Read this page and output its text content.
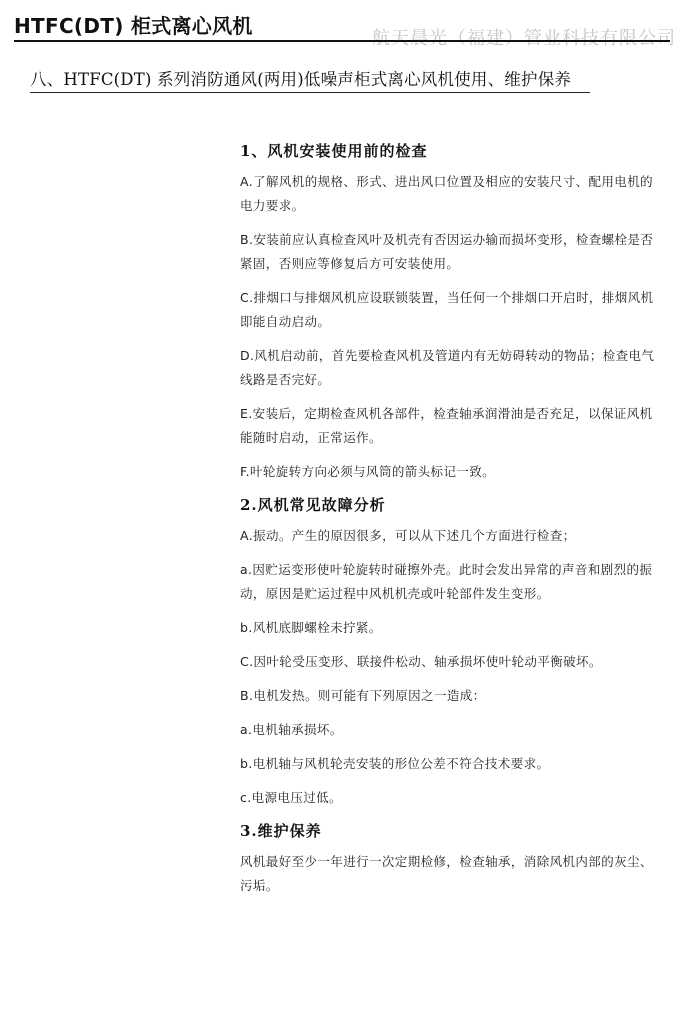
HTFC(DT) 柜式离心风机
航天晨光（福建）管业科技有限公司
八、HTFC(DT) 系列消防通风(两用)低噪声柜式离心风机使用、维护保养
1、风机安装使用前的检查

A.了解风机的规格、形式、进出风口位置及相应的安装尺寸、配用电机的电力要求。

B.安装前应认真检查风叶及机壳有否因运办输而损坏变形，检查螺栓是否紧固，否则应等修复后方可安装使用。

C.排烟口与排烟风机应设联锁装置，当任何一个排烟口开启时，排烟风机即能自动启动。

D.风机启动前，首先要检查风机及管道内有无妨碍转动的物品；检查电气线路是否完好。

E.安装后，定期检查风机各部件，检查轴承润滑油是否充足，以保证风机能随时启动，正常运作。

F.叶轮旋转方向必须与风筒的箭头标记一致。

2.风机常见故障分析

A.振动。产生的原因很多，可以从下述几个方面进行检查；

a.因贮运变形使叶轮旋转时碰擦外壳。此时会发出异常的声音和剧烈的振动，原因是贮运过程中风机机壳或叶轮部件发生变形。

b.风机底脚螺栓未拧紧。

C.因叶轮受压变形、联接件松动、轴承损坏使叶轮动平衡破坏。

B.电机发热。则可能有下列原因之一造成：

a.电机轴承损坏。

b.电机轴与风机轮壳安装的形位公差不符合技术要求。

c.电源电压过低。

3.维护保养

风机最好至少一年进行一次定期检修，检查轴承，消除风机内部的灰尘、污垢。
